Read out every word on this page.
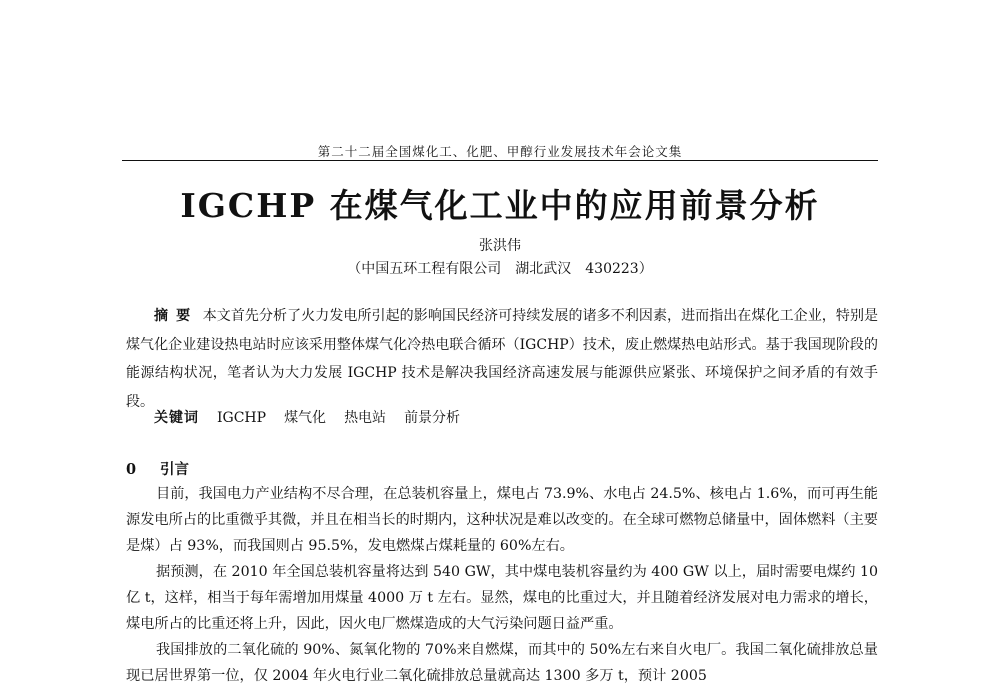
第二十二届全国煤化工、化肥、甲醇行业发展技术年会论文集
IGCHP 在煤气化工业中的应用前景分析
张洪伟
（中国五环工程有限公司　湖北武汉　430223）

摘要 本文首先分析了火力发电所引起的影响国民经济可持续发展的诸多不利因素，进而指出在煤化工企业，特别是煤气化企业建设热电站时应该采用整体煤气化冷热电联合循环（IGCHP）技术，废止燃煤热电站形式。基于我国现阶段的能源结构状况，笔者认为大力发展 IGCHP 技术是解决我国经济高速发展与能源供应紧张、环境保护之间矛盾的有效手段。

关键词 IGCHP 煤气化 热电站 前景分析

0 引言

目前，我国电力产业结构不尽合理，在总装机容量上，煤电占 73.9%、水电占 24.5%、核电占 1.6%，而可再生能源发电所占的比重微乎其微，并且在相当长的时期内，这种状况是难以改变的。在全球可燃物总储量中，固体燃料（主要是煤）占 93%，而我国则占 95.5%，发电燃煤占煤耗量的 60%左右。

据预测，在 2010 年全国总装机容量将达到 540 GW，其中煤电装机容量约为 400 GW 以上，届时需要电煤约 10 亿 t，这样，相当于每年需增加用煤量 4000 万 t 左右。显然，煤电的比重过大，并且随着经济发展对电力需求的增长，煤电所占的比重还将上升，因此，因火电厂燃煤造成的大气污染问题日益严重。

我国排放的二氧化硫的 90%、氮氧化物的 70%来自燃煤，而其中的 50%左右来自火电厂。我国二氧化硫排放总量现已居世界第一位，仅 2004 年火电行业二氧化硫排放总量就高达 1300 多万 t，预计 2005
